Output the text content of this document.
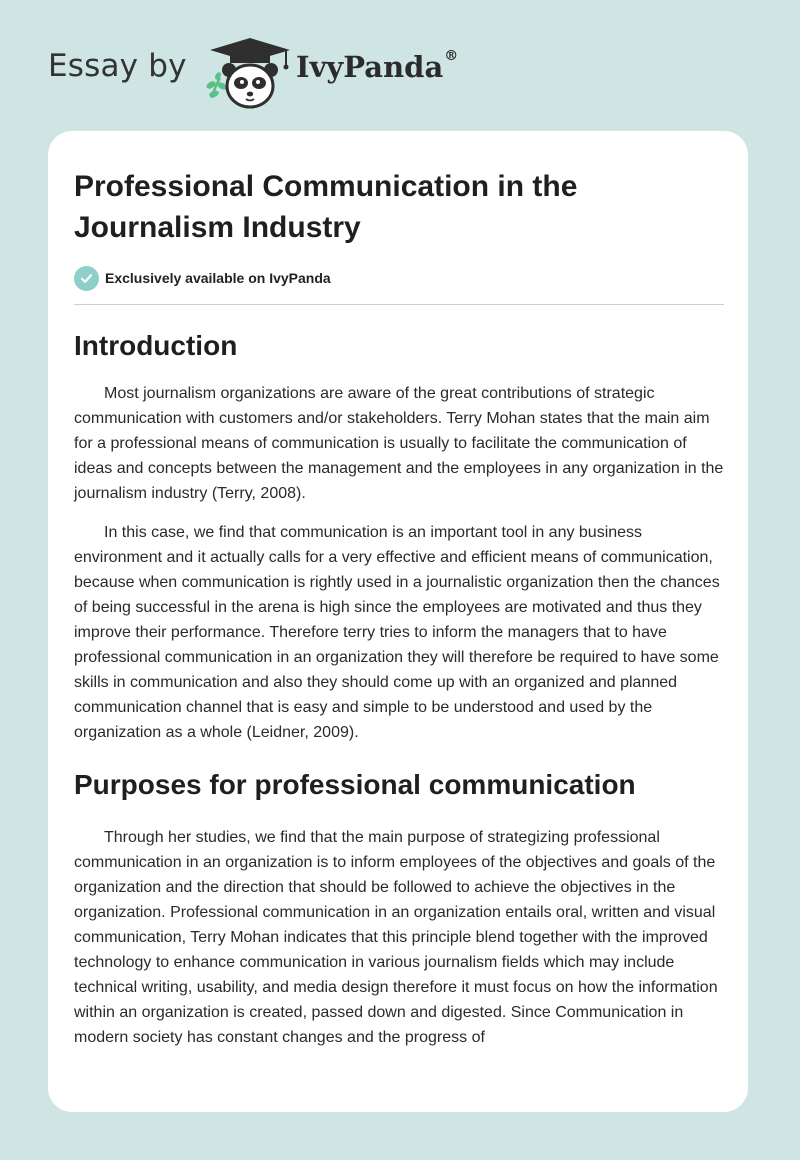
Essay by	IvyPanda®
Professional Communication in the Journalism Industry
Exclusively available on IvyPanda
Introduction

Most journalism organizations are aware of the great contributions of strategic communication with customers and/or stakeholders. Terry Mohan states that the main aim for a professional means of communication is usually to facilitate the communication of ideas and concepts between the management and the employees in any organization in the journalism industry (Terry, 2008).

In this case, we find that communication is an important tool in any business environment and it actually calls for a very effective and efficient means of communication, because when communication is rightly used in a journalistic organization then the chances of being successful in the arena is high since the employees are motivated and thus they improve their performance. Therefore terry tries to inform the managers that to have professional communication in an organization they will therefore be required to have some skills in communication and also they should come up with an organized and planned communication channel that is easy and simple to be understood and used by the organization as a whole (Leidner, 2009).

Purposes for professional communication

Through her studies, we find that the main purpose of strategizing professional communication in an organization is to inform employees of the objectives and goals of the organization and the direction that should be followed to achieve the objectives in the organization. Professional communication in an organization entails oral, written and visual communication, Terry Mohan indicates that this principle blend together with the improved technology to enhance communication in various journalism fields which may include technical writing, usability, and media design therefore it must focus on how the information within an organization is created, passed down and digested. Since Communication in modern society has constant changes and the progress of
